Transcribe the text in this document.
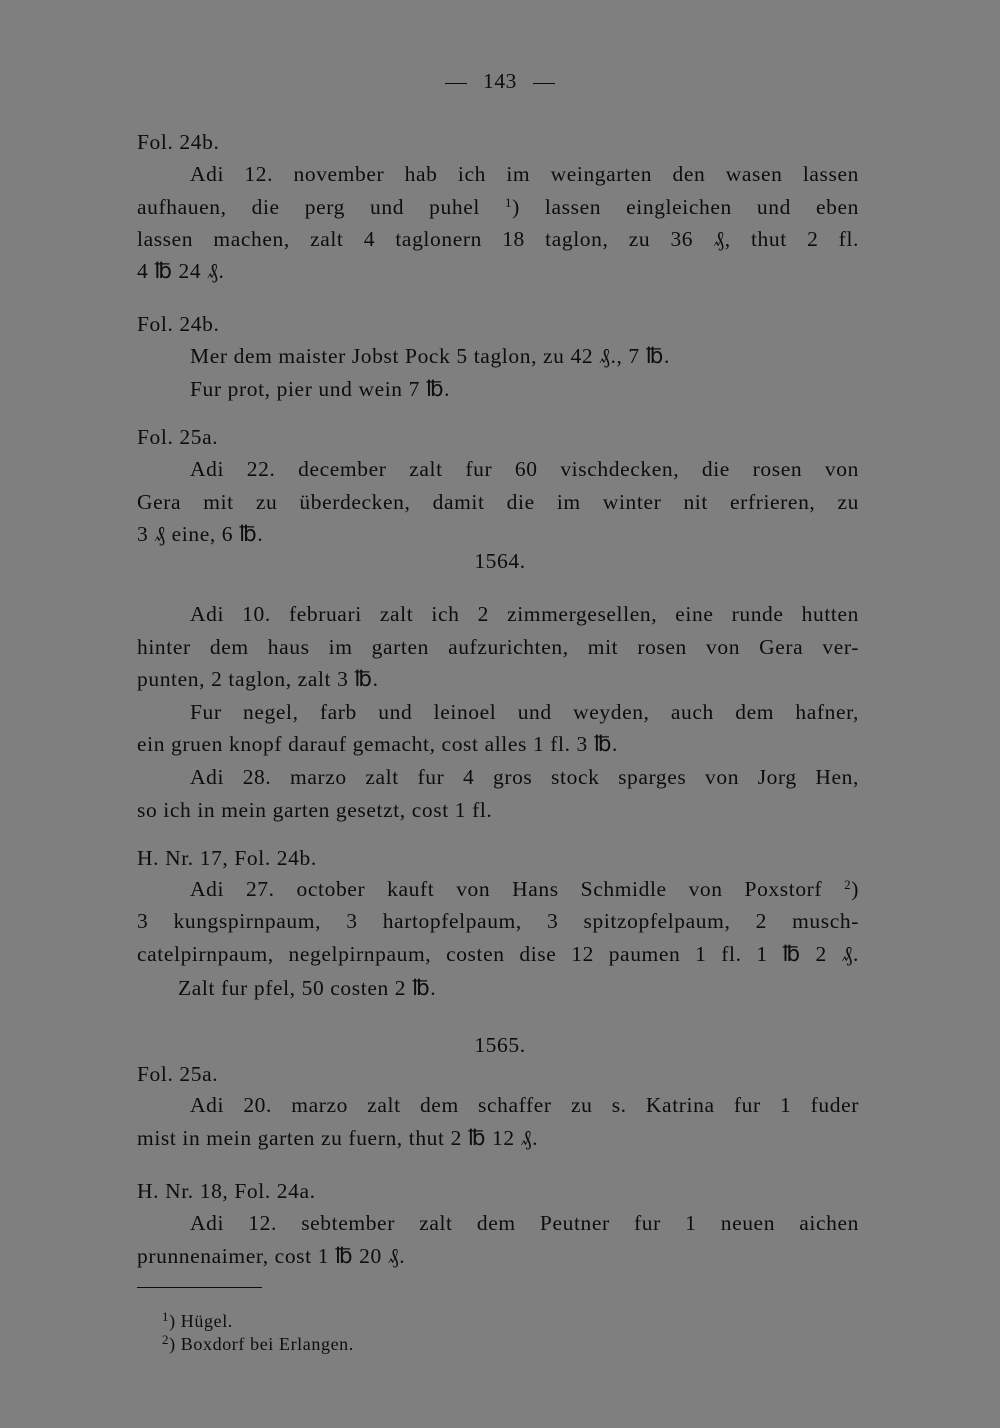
143
Fol. 24b.
Adi 12. november hab ich im weingarten den wasen lassen
aufhauen, die perg und puhel $^1$) lassen eingleichen und eben
lassen machen, zalt 4 taglonern 18 taglon, zu 36 ₰, thut 2 fl.
4 ℔ 24 ₰.
Fol. 24b.
Mer dem maister Jobst Pock 5 taglon, zu 42 ₰., 7 ℔.
Fur prot, pier und wein 7 ℔.
Fol. 25a.
Adi 22. december zalt fur 60 vischdecken, die rosen von
Gera mit zu überdecken, damit die im winter nit erfrieren, zu
3 ₰ eine, 6 ℔.
1564.
Adi 10. februari zalt ich 2 zimmergesellen, eine runde hutten
hinter dem haus im garten aufzurichten, mit rosen von Gera ver-
punten, 2 taglon, zalt 3 ℔.
Fur negel, farb und leinoel und weyden, auch dem hafner,
ein gruen knopf darauf gemacht, cost alles 1 fl. 3 ℔.
Adi 28. marzo zalt fur 4 gros stock sparges von Jorg Hen,
so ich in mein garten gesetzt, cost 1 fl.
H. Nr. 17, Fol. 24b.
Adi 27. october kauft von Hans Schmidle von Poxstorf $^2$)
3 kungspirnpaum, 3 hartopfelpaum, 3 spitzopfelpaum, 2 musch-
catelpirnpaum, negelpirnpaum, costen dise 12 paumen 1 fl. 1 ℔ 2 ₰.
Zalt fur pfel, 50 costen 2 ℔.
1565.
Fol. 25a.
Adi 20. marzo zalt dem schaffer zu s. Katrina fur 1 fuder
mist in mein garten zu fuern, thut 2 ℔ 12 ₰.
H. Nr. 18, Fol. 24a.
Adi 12. sebtember zalt dem Peutner fur 1 neuen aichen
prunnenaimer, cost 1 ℔ 20 ₰.
$^1$) Hügel.
$^2$) Boxdorf bei Erlangen.
